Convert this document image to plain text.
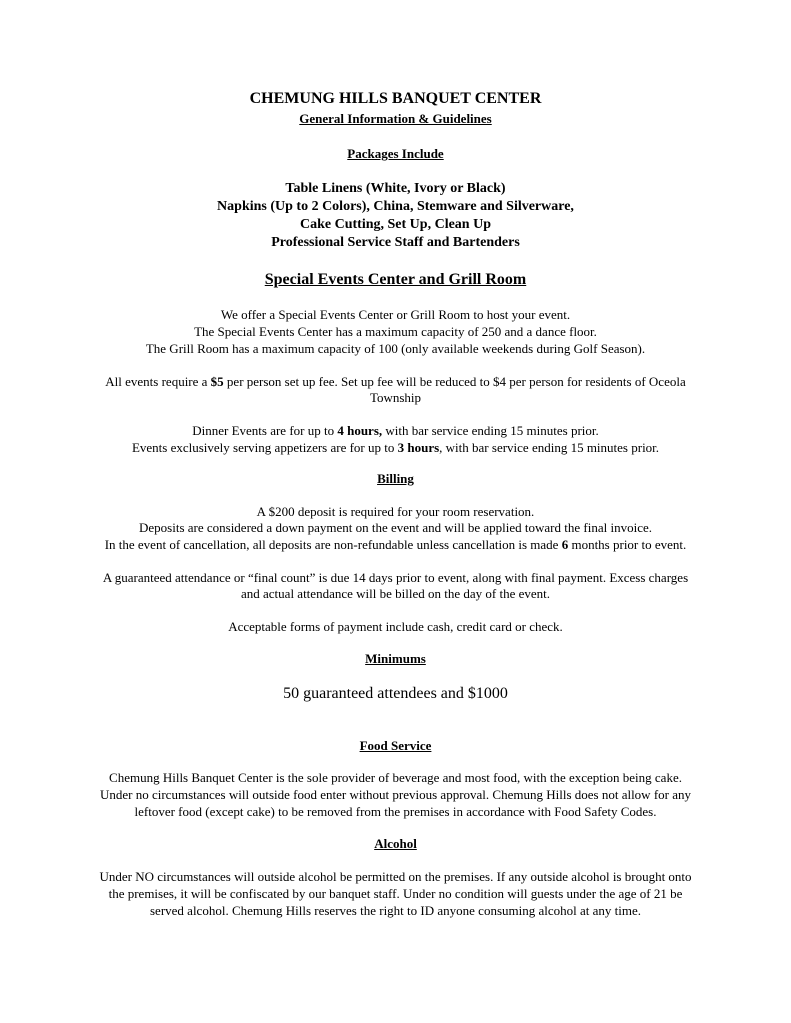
CHEMUNG HILLS BANQUET CENTER
General Information & Guidelines
Packages Include
Table Linens (White, Ivory or Black)
Napkins (Up to 2 Colors), China, Stemware and Silverware,
Cake Cutting, Set Up, Clean Up
Professional Service Staff and Bartenders
Special Events Center and Grill Room
We offer a Special Events Center or Grill Room to host your event.
The Special Events Center has a maximum capacity of 250 and a dance floor.
The Grill Room has a maximum capacity of 100 (only available weekends during Golf Season).
All events require a $5 per person set up fee. Set up fee will be reduced to $4 per person for residents of Oceola
Township
Dinner Events are for up to 4 hours, with bar service ending 15 minutes prior.
Events exclusively serving appetizers are for up to 3 hours, with bar service ending 15 minutes prior.
Billing
A $200 deposit is required for your room reservation.
Deposits are considered a down payment on the event and will be applied toward the final invoice.
In the event of cancellation, all deposits are non-refundable unless cancellation is made 6 months prior to event.
A guaranteed attendance or “final count” is due 14 days prior to event, along with final payment. Excess charges
and actual attendance will be billed on the day of the event.
Acceptable forms of payment include cash, credit card or check.
Minimums
50 guaranteed attendees and $1000
Food Service
Chemung Hills Banquet Center is the sole provider of beverage and most food, with the exception being cake.
Under no circumstances will outside food enter without previous approval. Chemung Hills does not allow for any
leftover food (except cake) to be removed from the premises in accordance with Food Safety Codes.
Alcohol
Under NO circumstances will outside alcohol be permitted on the premises. If any outside alcohol is brought onto
the premises, it will be confiscated by our banquet staff. Under no condition will guests under the age of 21 be
served alcohol. Chemung Hills reserves the right to ID anyone consuming alcohol at any time.
